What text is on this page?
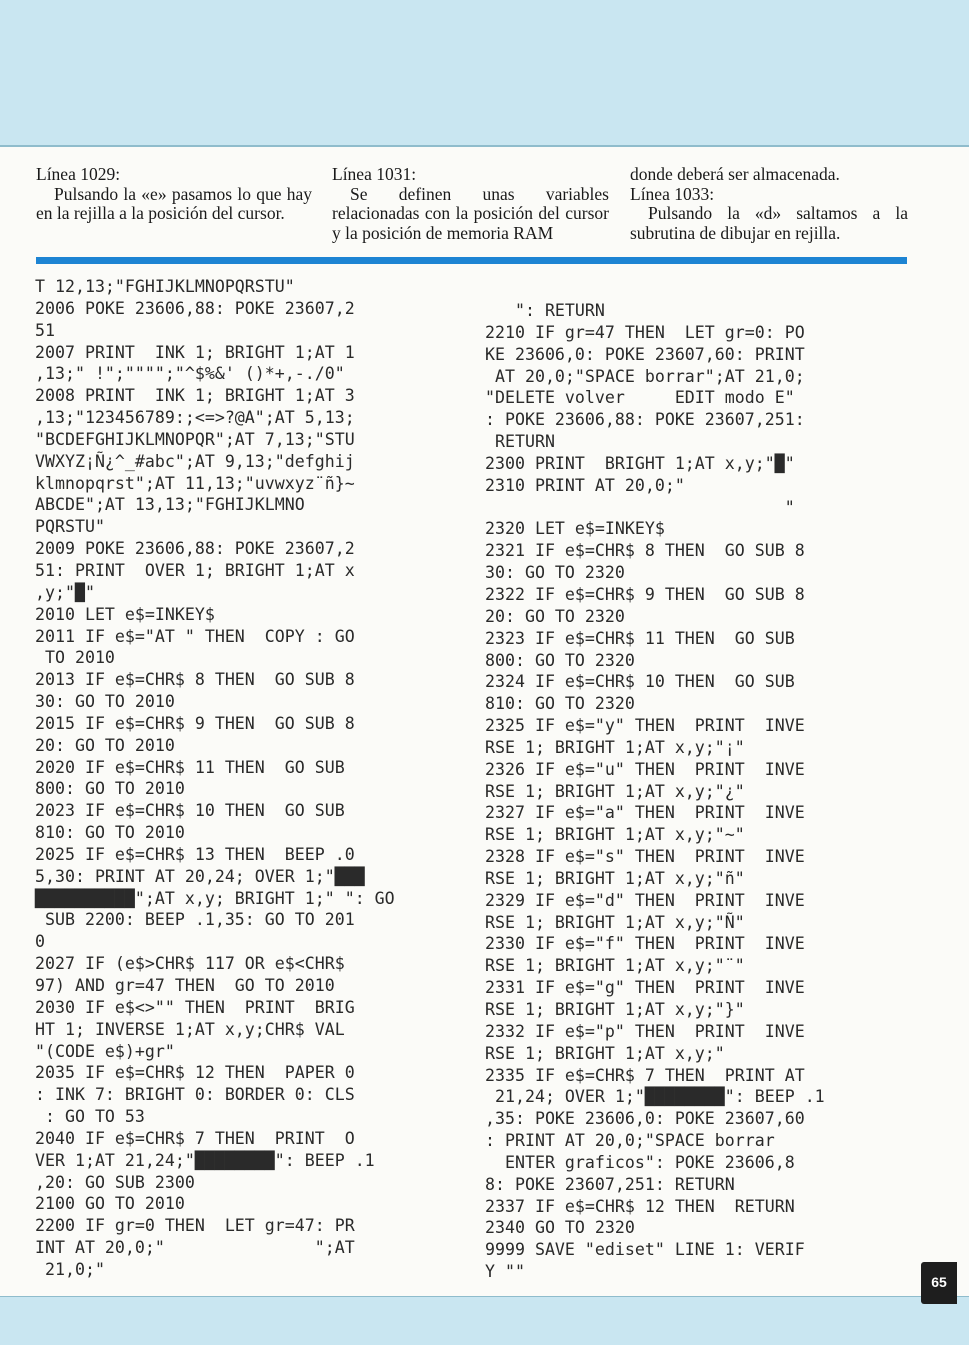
Línea 1029:

Pulsando la «e» pasamos lo que hay en la rejilla a la posición del cursor.

Línea 1031:

Se definen unas variables relacionadas con la posición del cursor y la posición de memoria RAM

donde deberá ser almacenada.

Línea 1033:

Pulsando la «d» saltamos a la subrutina de dibujar en rejilla.

T 12,13;"FGHIJKLMNOPQRSTU"
2006 POKE 23606,88: POKE 23607,2
51
2007 PRINT  INK 1; BRIGHT 1;AT 1
,13;" !";"""";"^$%&' ()*+,-./0"
2008 PRINT  INK 1; BRIGHT 1;AT 3
,13;"123456789:;<=>?@A";AT 5,13;
"BCDEFGHIJKLMNOPQR";AT 7,13;"STU
VWXYZ¡Ñ¿^_#abc";AT 9,13;"defghij
klmnopqrst";AT 11,13;"uvwxyz¨ñ}~
ABCDE";AT 13,13;"FGHIJKLMNO
PQRSTU"
2009 POKE 23606,88: POKE 23607,2
51: PRINT  OVER 1; BRIGHT 1;AT x
,y;"█"
2010 LET e$=INKEY$
2011 IF e$="AT " THEN  COPY : GO
TO 2010
2013 IF e$=CHR$ 8 THEN  GO SUB 8
30: GO TO 2010
2015 IF e$=CHR$ 9 THEN  GO SUB 8
20: GO TO 2010
2020 IF e$=CHR$ 11 THEN  GO SUB
800: GO TO 2010
2023 IF e$=CHR$ 10 THEN  GO SUB
810: GO TO 2010
2025 IF e$=CHR$ 13 THEN  BEEP .0
5,30: PRINT AT 20,24; OVER 1;"███
██████████";AT x,y; BRIGHT 1;" ": GO
SUB 2200: BEEP .1,35: GO TO 201
0
2027 IF (e$>CHR$ 117 OR e$<CHR$
97) AND gr=47 THEN  GO TO 2010
2030 IF e$<>"" THEN  PRINT  BRIG
HT 1; INVERSE 1;AT x,y;CHR$ VAL
"(CODE e$)+gr"
2035 IF e$=CHR$ 12 THEN  PAPER 0
: INK 7: BRIGHT 0: BORDER 0: CLS
: GO TO 53
2040 IF e$=CHR$ 7 THEN  PRINT  O
VER 1;AT 21,24;"████████": BEEP .1
,20: GO SUB 2300
2100 GO TO 2010
2200 IF gr=0 THEN  LET gr=47: PR
INT AT 20,0;"               ";AT
21,0;"

": RETURN
2210 IF gr=47 THEN  LET gr=0: PO
KE 23606,0: POKE 23607,60: PRINT
AT 20,0;"SPACE borrar";AT 21,0;
"DELETE volver     EDIT modo E"
: POKE 23606,88: POKE 23607,251:
RETURN
2300 PRINT  BRIGHT 1;AT x,y;"█"
2310 PRINT AT 20,0;"
"
2320 LET e$=INKEY$
2321 IF e$=CHR$ 8 THEN  GO SUB 8
30: GO TO 2320
2322 IF e$=CHR$ 9 THEN  GO SUB 8
20: GO TO 2320
2323 IF e$=CHR$ 11 THEN  GO SUB
800: GO TO 2320
2324 IF e$=CHR$ 10 THEN  GO SUB
810: GO TO 2320
2325 IF e$="y" THEN  PRINT  INVE
RSE 1; BRIGHT 1;AT x,y;"¡"
2326 IF e$="u" THEN  PRINT  INVE
RSE 1; BRIGHT 1;AT x,y;"¿"
2327 IF e$="a" THEN  PRINT  INVE
RSE 1; BRIGHT 1;AT x,y;"~"
2328 IF e$="s" THEN  PRINT  INVE
RSE 1; BRIGHT 1;AT x,y;"ñ"
2329 IF e$="d" THEN  PRINT  INVE
RSE 1; BRIGHT 1;AT x,y;"Ñ"
2330 IF e$="f" THEN  PRINT  INVE
RSE 1; BRIGHT 1;AT x,y;"¨"
2331 IF e$="g" THEN  PRINT  INVE
RSE 1; BRIGHT 1;AT x,y;"}"
2332 IF e$="p" THEN  PRINT  INVE
RSE 1; BRIGHT 1;AT x,y;"
2335 IF e$=CHR$ 7 THEN  PRINT AT
21,24; OVER 1;"████████": BEEP .1
,35: POKE 23606,0: POKE 23607,60
: PRINT AT 20,0;"SPACE borrar
ENTER graficos": POKE 23606,8
8: POKE 23607,251: RETURN
2337 IF e$=CHR$ 12 THEN  RETURN
2340 GO TO 2320
9999 SAVE "ediset" LINE 1: VERIF
Y ""

65
